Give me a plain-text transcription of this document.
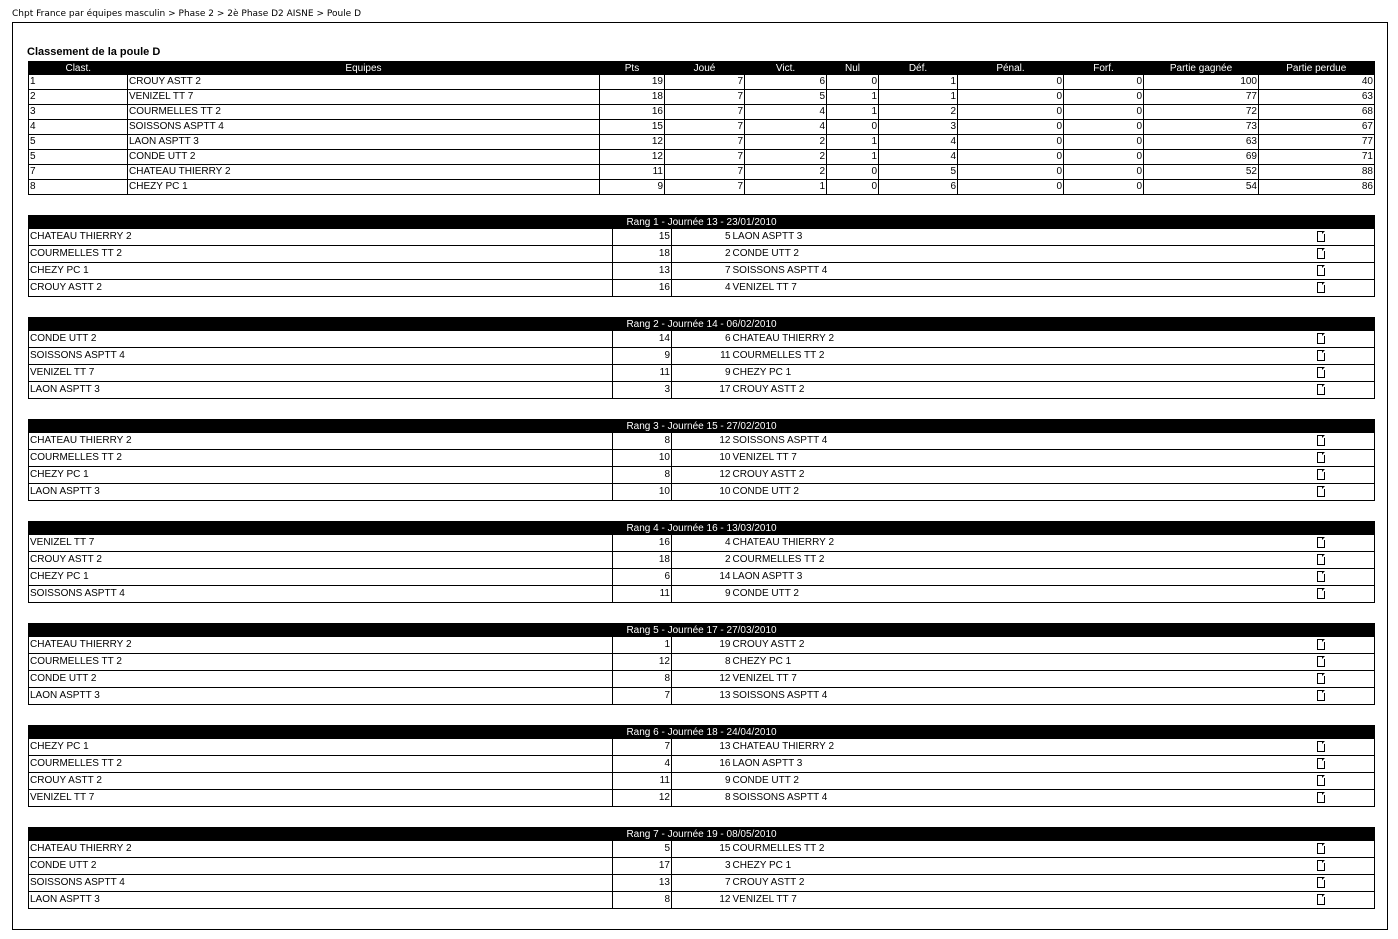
Chpt France par équipes masculin > Phase 2 > 2è Phase D2 AISNE > Poule D
Classement de la poule D
Clast.	Equipes	Pts	Joué	Vict.	Nul	Déf.	Pénal.	Forf.	Partie gagnée	Partie perdue
1	CROUY ASTT 2	19	7	6	0	1	0	0	100	40
2	VENIZEL TT 7	18	7	5	1	1	0	0	77	63
3	COURMELLES TT 2	16	7	4	1	2	0	0	72	68
4	SOISSONS ASPTT 4	15	7	4	0	3	0	0	73	67
5	LAON ASPTT 3	12	7	2	1	4	0	0	63	77
5	CONDE UTT 2	12	7	2	1	4	0	0	69	71
7	CHATEAU THIERRY 2	11	7	2	0	5	0	0	52	88
8	CHEZY PC 1	9	7	1	0	6	0	0	54	86
Rang 1 - Journée 13 - 23/01/2010				
CHATEAU THIERRY 2	15	5	LAON ASPTT 3	
COURMELLES TT 2	18	2	CONDE UTT 2	
CHEZY PC 1	13	7	SOISSONS ASPTT 4	
CROUY ASTT 2	16	4	VENIZEL TT 7	
Rang 2 - Journée 14 - 06/02/2010				
CONDE UTT 2	14	6	CHATEAU THIERRY 2	
SOISSONS ASPTT 4	9	11	COURMELLES TT 2	
VENIZEL TT 7	11	9	CHEZY PC 1	
LAON ASPTT 3	3	17	CROUY ASTT 2	
Rang 3 - Journée 15 - 27/02/2010				
CHATEAU THIERRY 2	8	12	SOISSONS ASPTT 4	
COURMELLES TT 2	10	10	VENIZEL TT 7	
CHEZY PC 1	8	12	CROUY ASTT 2	
LAON ASPTT 3	10	10	CONDE UTT 2	
Rang 4 - Journée 16 - 13/03/2010				
VENIZEL TT 7	16	4	CHATEAU THIERRY 2	
CROUY ASTT 2	18	2	COURMELLES TT 2	
CHEZY PC 1	6	14	LAON ASPTT 3	
SOISSONS ASPTT 4	11	9	CONDE UTT 2	
Rang 5 - Journée 17 - 27/03/2010				
CHATEAU THIERRY 2	1	19	CROUY ASTT 2	
COURMELLES TT 2	12	8	CHEZY PC 1	
CONDE UTT 2	8	12	VENIZEL TT 7	
LAON ASPTT 3	7	13	SOISSONS ASPTT 4	
Rang 6 - Journée 18 - 24/04/2010				
CHEZY PC 1	7	13	CHATEAU THIERRY 2	
COURMELLES TT 2	4	16	LAON ASPTT 3	
CROUY ASTT 2	11	9	CONDE UTT 2	
VENIZEL TT 7	12	8	SOISSONS ASPTT 4	
Rang 7 - Journée 19 - 08/05/2010				
CHATEAU THIERRY 2	5	15	COURMELLES TT 2	
CONDE UTT 2	17	3	CHEZY PC 1	
SOISSONS ASPTT 4	13	7	CROUY ASTT 2	
LAON ASPTT 3	8	12	VENIZEL TT 7	
